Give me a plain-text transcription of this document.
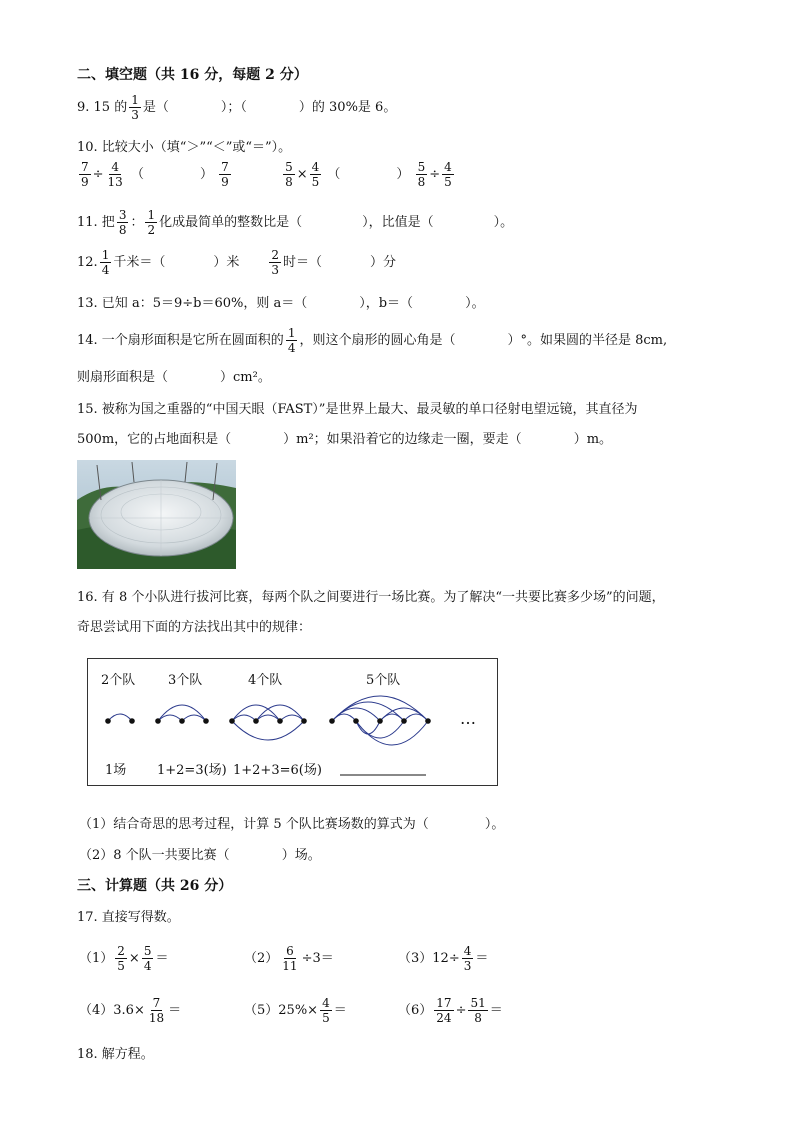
二、填空题（共 16 分，每题 2 分）
9. 15 的 $\frac{1}{3}$ 是（	）；（	）的 30%是 6。
10. 比较大小（填“＞”“＜”或“＝”）。
$\frac{7}{9} \div \frac{4}{13}$ （	） $\frac{7}{9}$
	$\frac{5}{8} \times \frac{4}{5}$ （	） $\frac{5}{8} \div \frac{4}{5}$
11. 把 $\frac{3}{8}$ ： $\frac{1}{2}$ 化成最简单的整数比是（	），比值是（	）。
12. $\frac{1}{4}$ 千米＝（	）米	$\frac{2}{3}$ 时＝（	）分
13. 已知 a：5＝9÷b＝60%，则 a＝（	），b＝（	）。
14. 一个扇形面积是它所在圆面积的 $\frac{1}{4}$ ，则这个扇形的圆心角是（	）°。如果圆的半径是 8cm,
则扇形面积是（	）cm²。
15. 被称为国之重器的“中国天眼（FAST）”是世界上最大、最灵敏的单口径射电望远镜，其直径为
500m，它的占地面积是（	）m²；如果沿着它的边缘走一圈，要走（	）m。
16. 有 8 个小队进行拔河比赛，每两个队之间要进行一场比赛。为了解决“一共要比赛多少场”的问题，
奇思尝试用下面的方法找出其中的规律：
2个队	3个队	4个队	5个队
…
1场 1+2=3(场) 1+2+3=6(场)
（1）结合奇思的思考过程，计算 5 个队比赛场数的算式为（	）。
（2）8 个队一共要比赛（	）场。
三、计算题（共 26 分）
17. 直接写得数。
$(1) \frac{2}{5} \times \frac{5}{4}$ ＝	$(2) \frac{6}{11} \div 3=$	$(3)12\div \frac{4}{3}$ ＝
$(4)3.6\times \frac{7}{18}$ ＝	$(5)25\%\times \frac{4}{5}$ ＝	$(6) \frac{17}{24} \div \frac{51}{8}$ ＝
18. 解方程。
